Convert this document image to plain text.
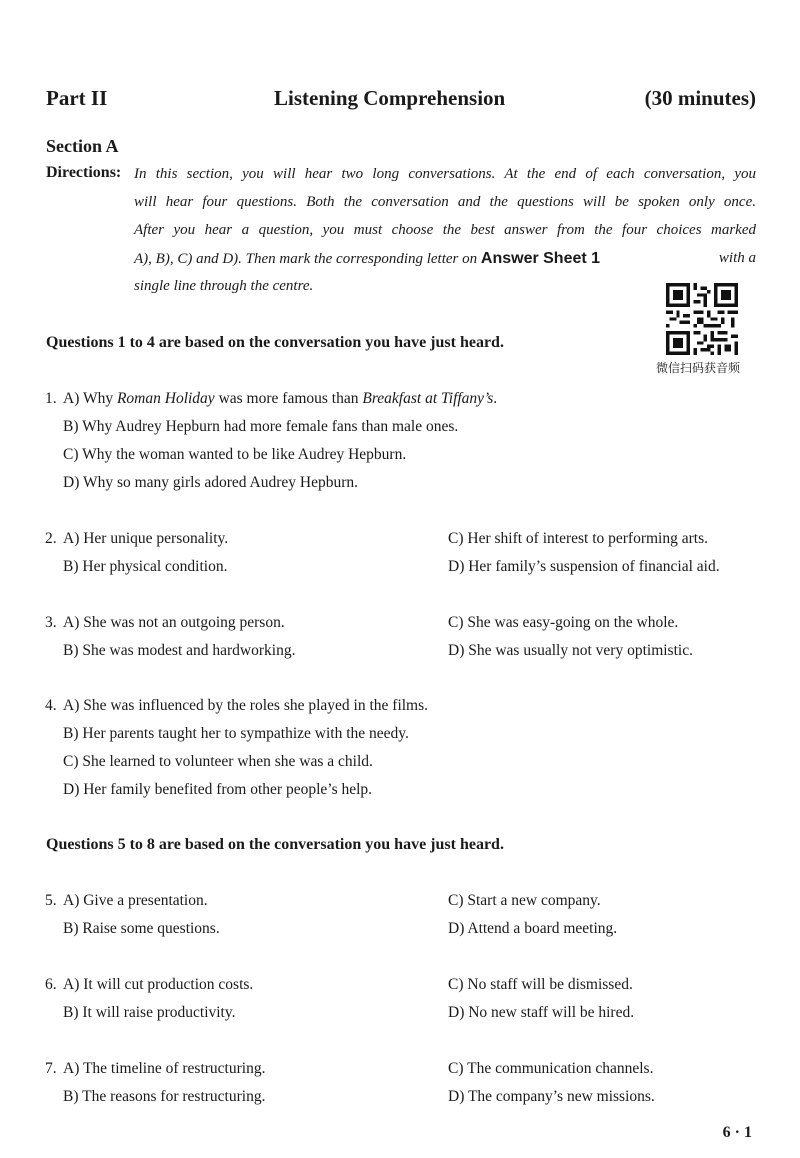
Part II	Listening Comprehension	(30 minutes)
Section A
Directions: In this section, you will hear two long conversations. At the end of each conversation, you
will hear four questions. Both the conversation and the questions will be spoken only once.
After you hear a question, you must choose the best answer from the four choices marked
A), B), C) and D). Then mark the corresponding letter on Answer Sheet 1	with a
single line through the centre.
微信扫码获音频
Questions 1 to 4 are based on the conversation you have just heard.
1. A) Why Roman Holiday was more famous than Breakfast at Tiffany’s.
B) Why Audrey Hepburn had more female fans than male ones.
C) Why the woman wanted to be like Audrey Hepburn.
D) Why so many girls adored Audrey Hepburn.
2. A) Her unique personality.	C) Her shift of interest to performing arts.
B) Her physical condition.	D) Her family’s suspension of financial aid.
3. A) She was not an outgoing person.	C) She was easy-going on the whole.
B) She was modest and hardworking.	D) She was usually not very optimistic.
4. A) She was influenced by the roles she played in the films.
B) Her parents taught her to sympathize with the needy.
C) She learned to volunteer when she was a child.
D) Her family benefited from other people’s help.
Questions 5 to 8 are based on the conversation you have just heard.
5. A) Give a presentation.	C) Start a new company.
B) Raise some questions.	D) Attend a board meeting.
6. A) It will cut production costs.	C) No staff will be dismissed.
B) It will raise productivity.	D) No new staff will be hired.
7. A) The timeline of restructuring.	C) The communication channels.
B) The reasons for restructuring.	D) The company’s new missions.
6 · 1
